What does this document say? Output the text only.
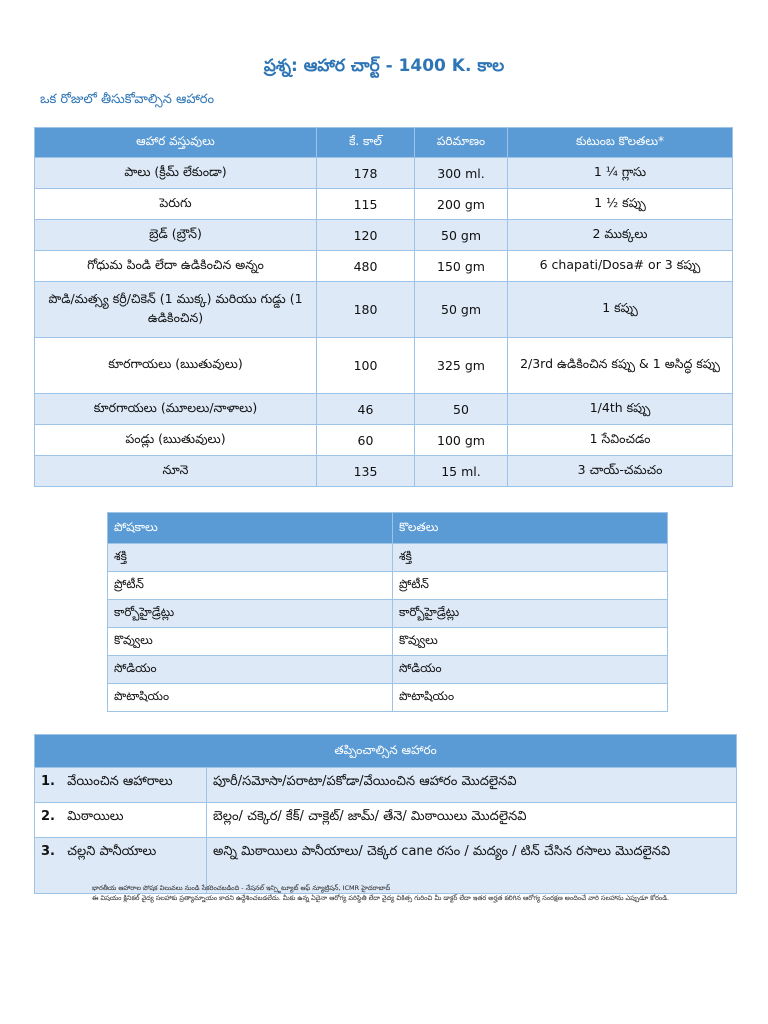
ప్రశ్న: ఆహార చార్ట్ - 1400 K. కాల
ఒక రోజులో తీసుకోవాల్సిన ఆహారం
ఆహార వస్తువులు	కే. కాల్	పరిమాణం	కుటుంబ కొలతలు*
పాలు (క్రీమ్ లేకుండా)	178	300 ml.	1 ¼ గ్లాసు
పెరుగు	115	200 gm	1 ½ కప్పు
బ్రెడ్ (బ్రౌన్)	120	50 gm	2 ముక్కలు
గోధుమ పిండి లేదా ఉడికించిన అన్నం	480	150 gm	6 chapati/Dosa# or 3 కప్పు
పొడి/మత్స్య కర్రీ/చికెన్ (1 ముక్క) మరియు గుడ్డు (1 ఉడికించిన)	180	50 gm	1 కప్పు
కూరగాయలు (ఋతువులు)	100	325 gm	2/3rd ఉడికించిన కప్పు & 1 అసిద్ధ కప్పు
కూరగాయలు (మూలలు/నాళాలు)	46	50	1/4th కప్పు
పండ్లు (ఋతువులు)	60	100 gm	1 సేవించడం
నూనె	135	15 ml.	3 చాయ్-చమచం
పోషకాలు	కొలతలు
శక్తి	శక్తి
ప్రోటీన్	ప్రోటీన్
కార్బోహైడ్రేట్లు	కార్బోహైడ్రేట్లు
కొవ్వులు	కొవ్వులు
సోడియం	సోడియం
పొటాషియం	పొటాషియం
తప్పించాల్సిన ఆహారం	
1. వేయించిన ఆహారాలు	పూరీ/సమోసా/పరాటా/పకోడా/వేయించిన ఆహారం మొదలైనవి
2. మిఠాయిలు	బెల్లం/ చక్కెర/ కేక్/ చాక్లెట్/ జామ్/ తేనె/ మిఠాయిలు మొదలైనవి
3. చల్లని పానీయాలు	అన్ని మిఠాయిలు పానీయాలు/ చెక్కర cane రసం / మద్యం / టిన్ చేసిన రసాలు మొదలైనవి
భారతీయ ఆహారాల పోషక విలువలు నుండి సేకరించబడింది - నేషనల్ ఇన్స్టిట్యూట్ ఆఫ్ న్యూట్రిషన్, ICMR హైదరాబాద్
ఈ విషయం క్లినికల్ వైద్య సలహాకు ప్రత్యామ్నాయం కాదని ఉద్దేశించబడలేదు. మీకు ఉన్న ఏదైనా ఆరోగ్య పరిస్థితి లేదా వైద్య చికిత్స గురించి మీ డాక్టర్ లేదా ఇతర అర్హత కలిగిన ఆరోగ్య సంరక్షణ అందించే వారి సలహాను ఎప్పుడూ కోరండి.
